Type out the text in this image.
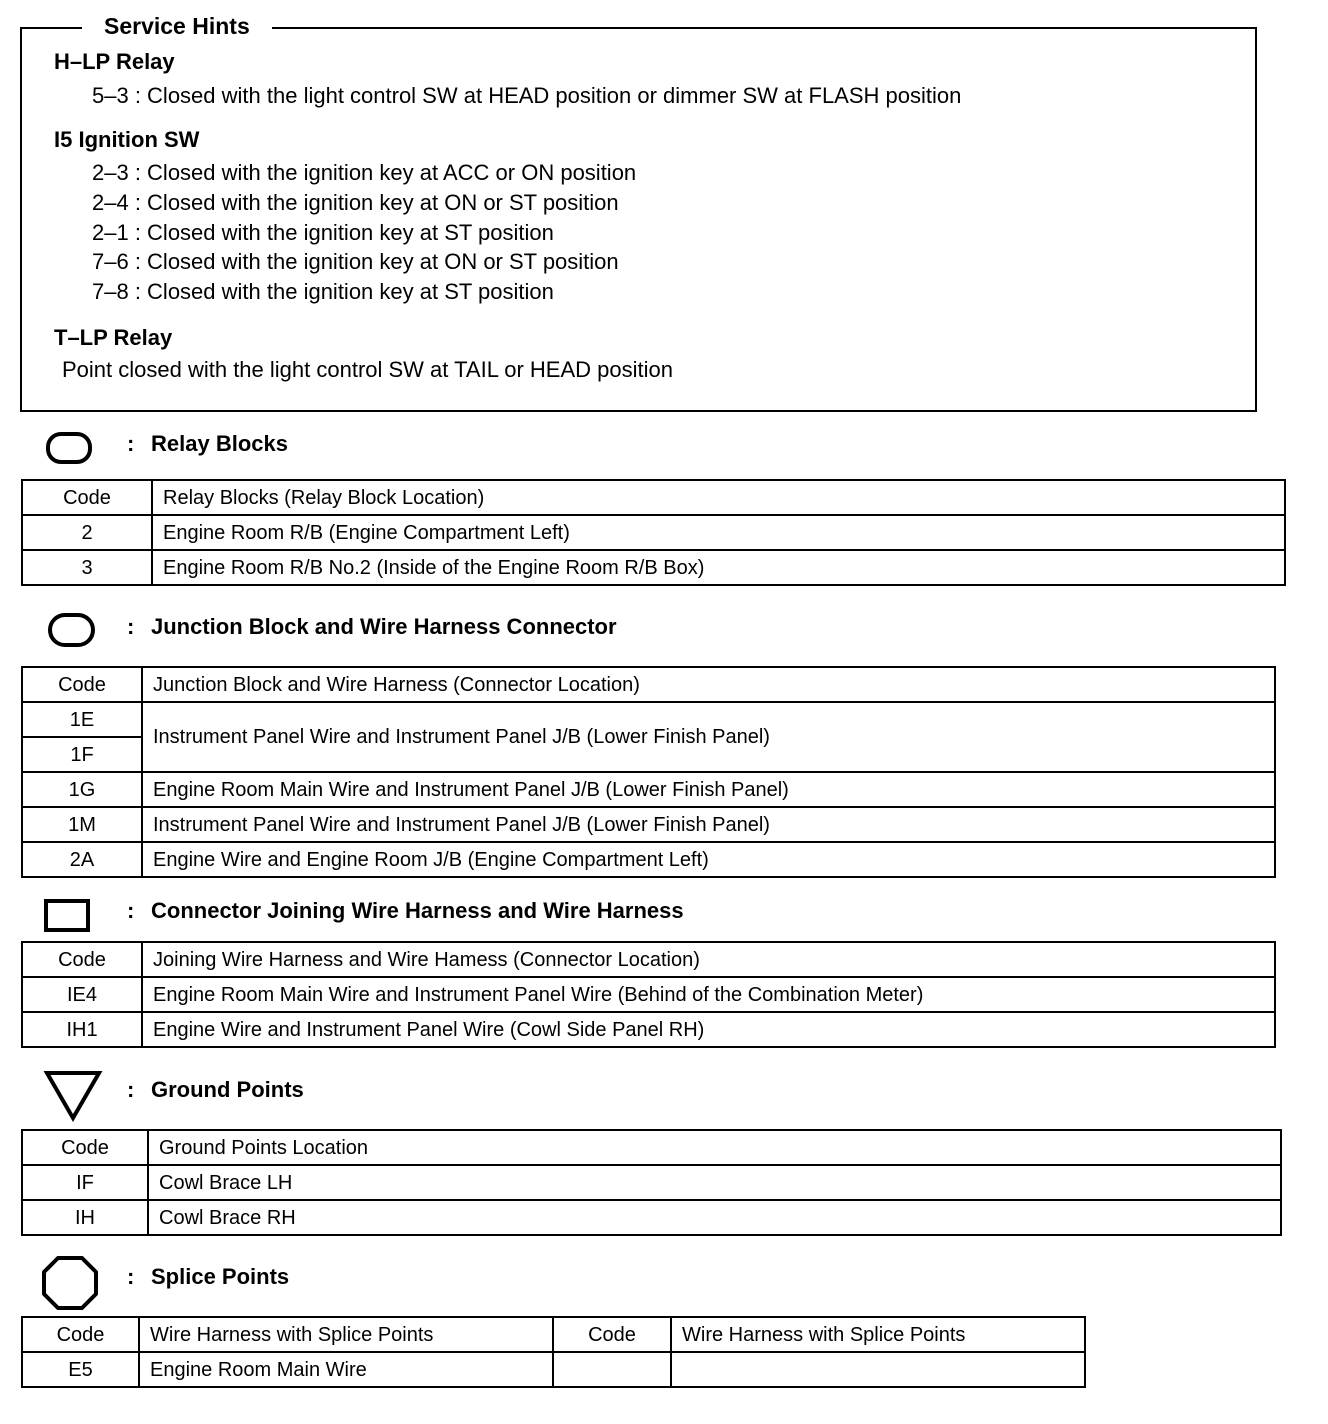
Service Hints
H–LP Relay
5–3 : Closed with the light control SW at HEAD position or dimmer SW at FLASH position
I5 Ignition SW
2–3 : Closed with the ignition key at ACC or ON position
2–4 : Closed with the ignition key at ON or ST position
2–1 : Closed with the ignition key at ST position
7–6 : Closed with the ignition key at ON or ST position
7–8 : Closed with the ignition key at ST position
T–LP Relay
Point closed with the light control SW at TAIL or HEAD position
: Relay Blocks
Code	Relay Blocks (Relay Block Location)
2	Engine Room R/B (Engine Compartment Left)
3	Engine Room R/B No.2 (Inside of the Engine Room R/B Box)
: Junction Block and Wire Harness Connector
Code	Junction Block and Wire Harness (Connector Location)
1E	Instrument Panel Wire and Instrument Panel J/B (Lower Finish Panel)
1F	
1G	Engine Room Main Wire and Instrument Panel J/B (Lower Finish Panel)
1M	Instrument Panel Wire and Instrument Panel J/B (Lower Finish Panel)
2A	Engine Wire and Engine Room J/B (Engine Compartment Left)
: Connector Joining Wire Harness and Wire Harness
Code	Joining Wire Harness and Wire Hamess (Connector Location)
IE4	Engine Room Main Wire and Instrument Panel Wire (Behind of the Combination Meter)
IH1	Engine Wire and Instrument Panel Wire (Cowl Side Panel RH)
: Ground Points
Code	Ground Points Location
IF	Cowl Brace LH
IH	Cowl Brace RH
: Splice Points
Code	Wire Harness with Splice Points	Code	Wire Harness with Splice Points
E5	Engine Room Main Wire		
